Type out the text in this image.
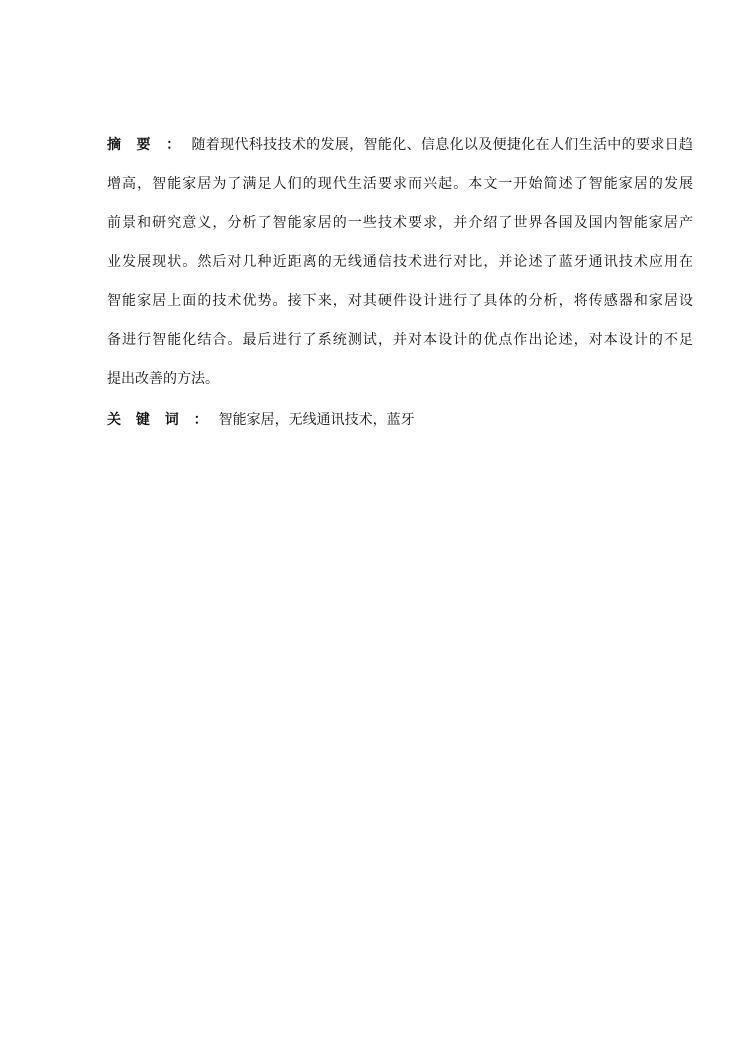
摘 要 ： 随着现代科技技术的发展，智能化、信息化以及便捷化在人们生活中的要求日趋
增高，智能家居为了满足人们的现代生活要求而兴起。本文一开始简述了智能家居的发展
前景和研究意义，分析了智能家居的一些技术要求，并介绍了世界各国及国内智能家居产
业发展现状。然后对几种近距离的无线通信技术进行对比，并论述了蓝牙通讯技术应用在
智能家居上面的技术优势。接下来，对其硬件设计进行了具体的分析，将传感器和家居设
备进行智能化结合。最后进行了系统测试，并对本设计的优点作出论述，对本设计的不足
提出改善的方法。
关 键 词 ： 智能家居，无线通讯技术，蓝牙
